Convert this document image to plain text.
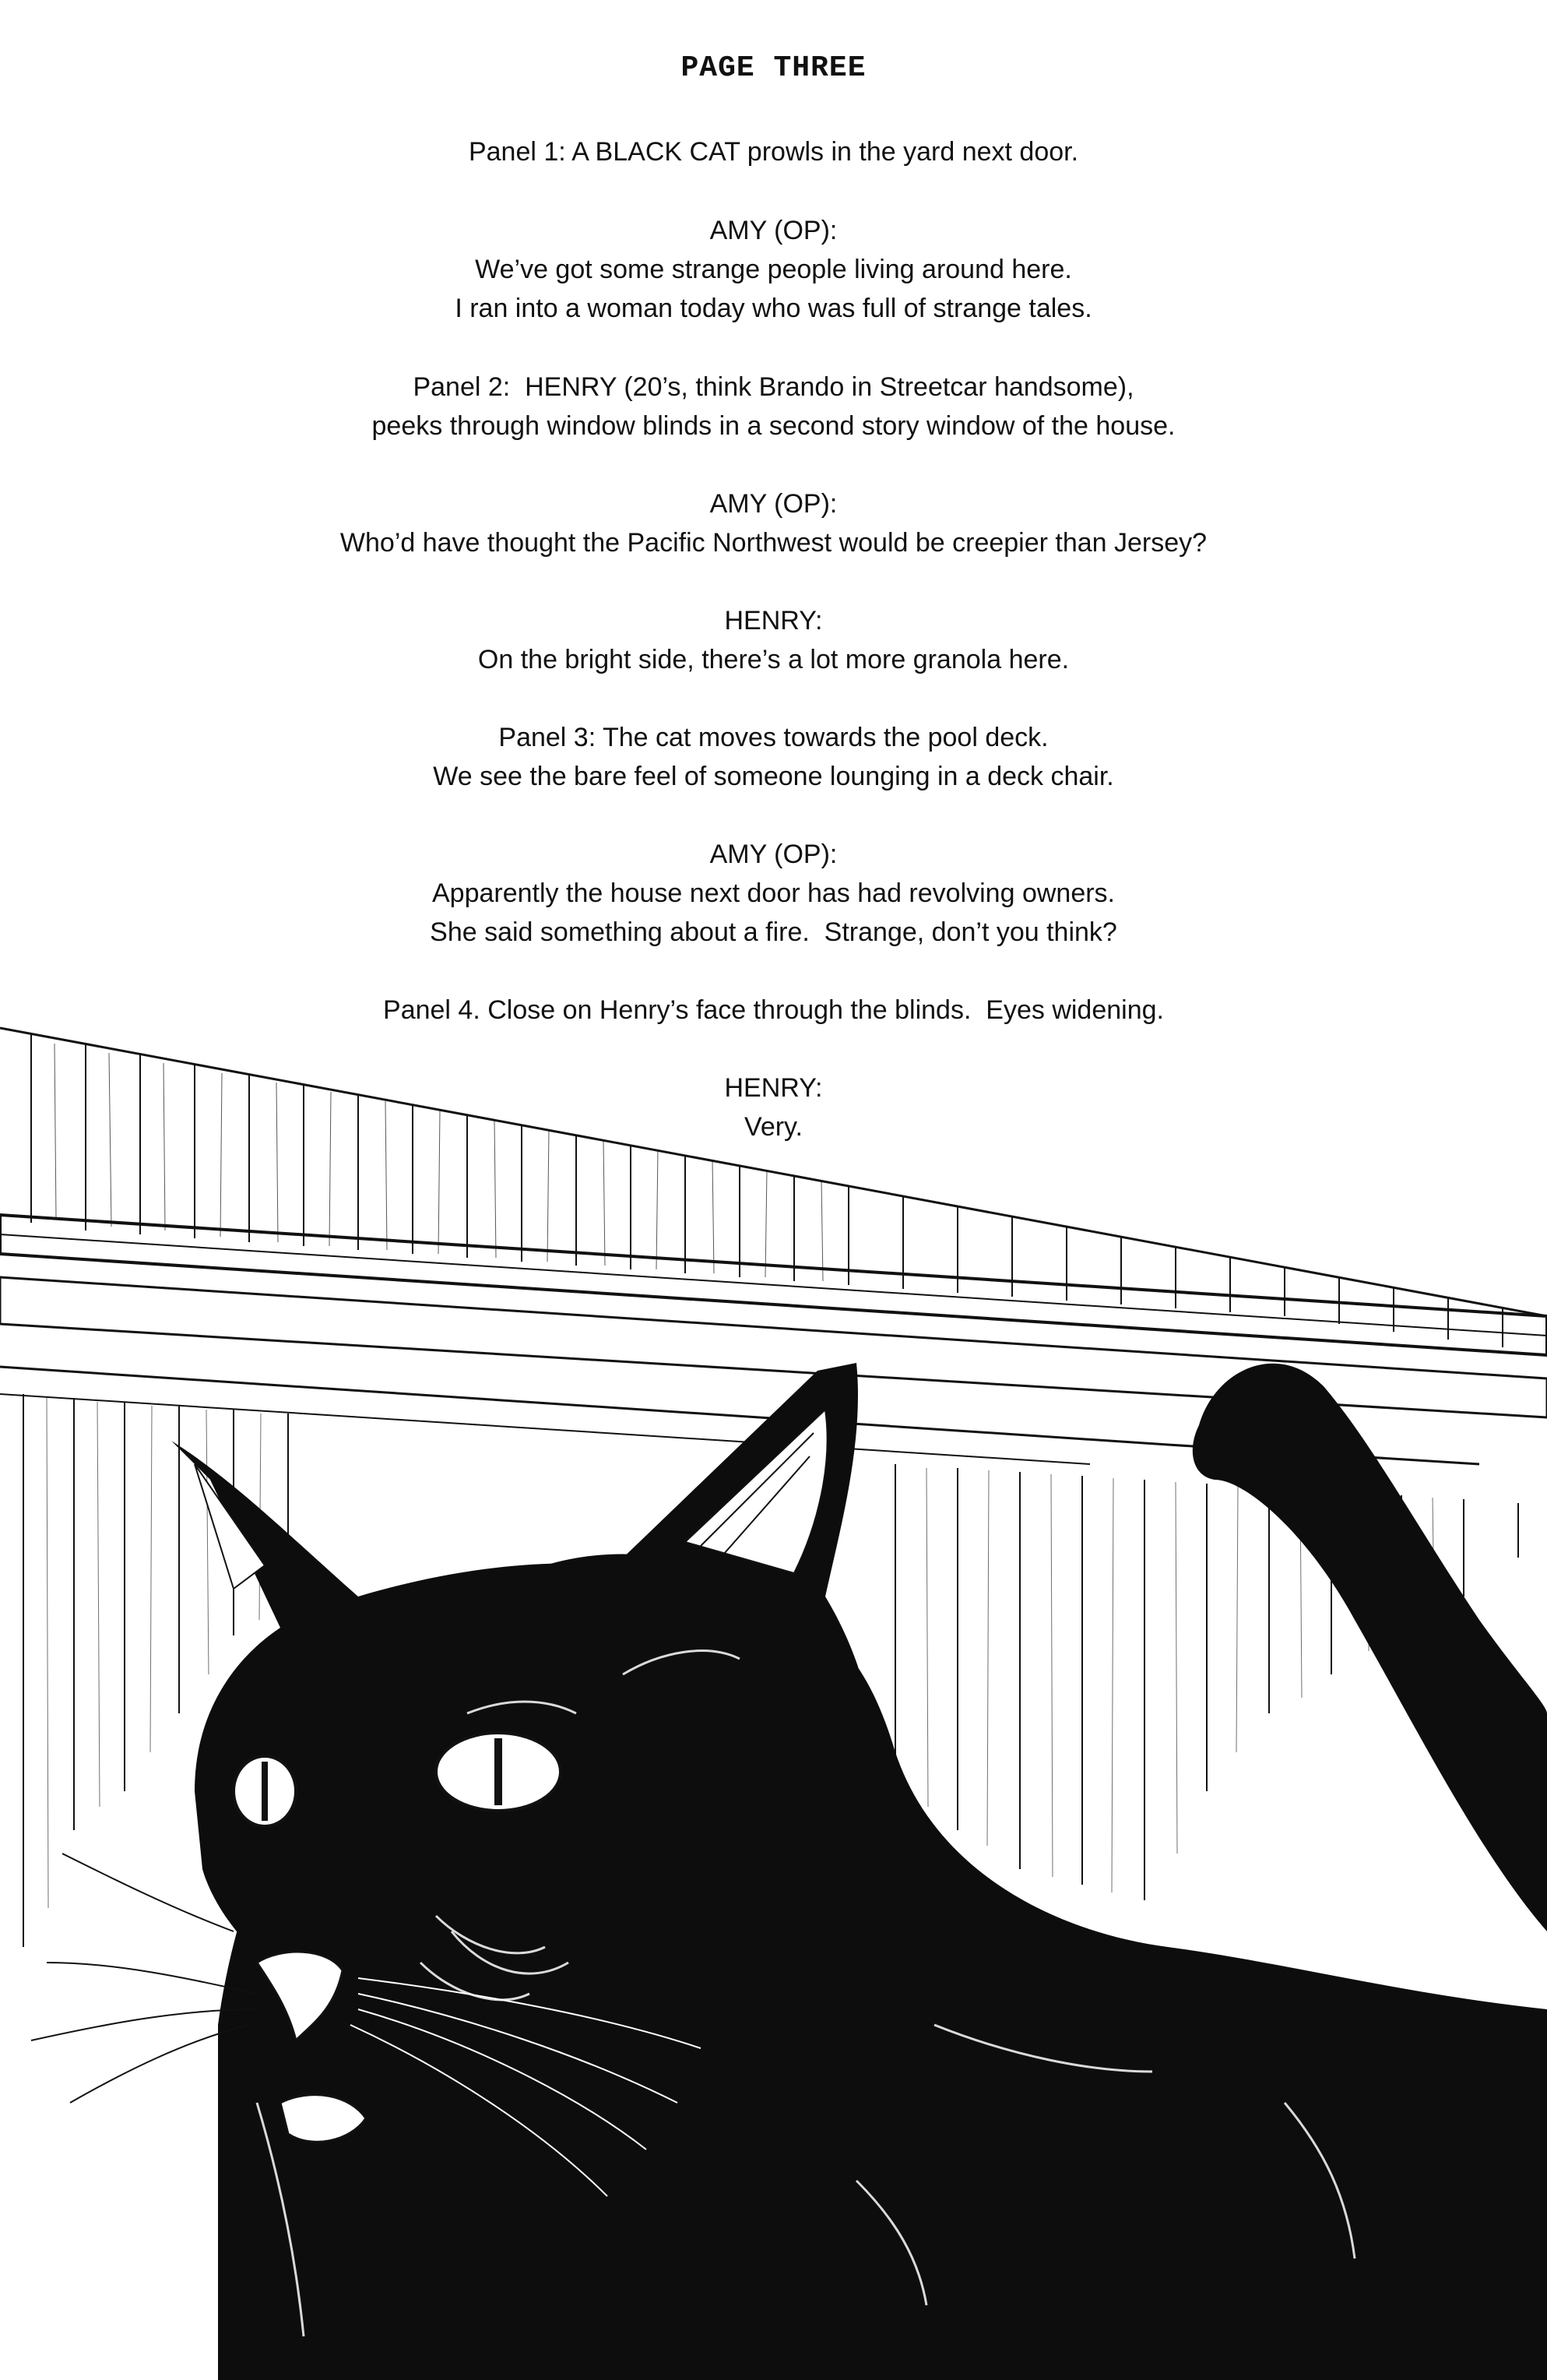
PAGE THREE
Panel 1: A BLACK CAT prowls in the yard next door.
AMY (OP):
We’ve got some strange people living around here.
I ran into a woman today who was full of strange tales.
Panel 2:  HENRY (20’s, think Brando in Streetcar handsome),
peeks through window blinds in a second story window of the house.
AMY (OP):
Who’d have thought the Pacific Northwest would be creepier than Jersey?
HENRY:
On the bright side, there’s a lot more granola here.
Panel 3: The cat moves towards the pool deck.
We see the bare feel of someone lounging in a deck chair.
AMY (OP):
Apparently the house next door has had revolving owners.
She said something about a fire.  Strange, don’t you think?
Panel 4. Close on Henry’s face through the blinds.  Eyes widening.
HENRY:
Very.
